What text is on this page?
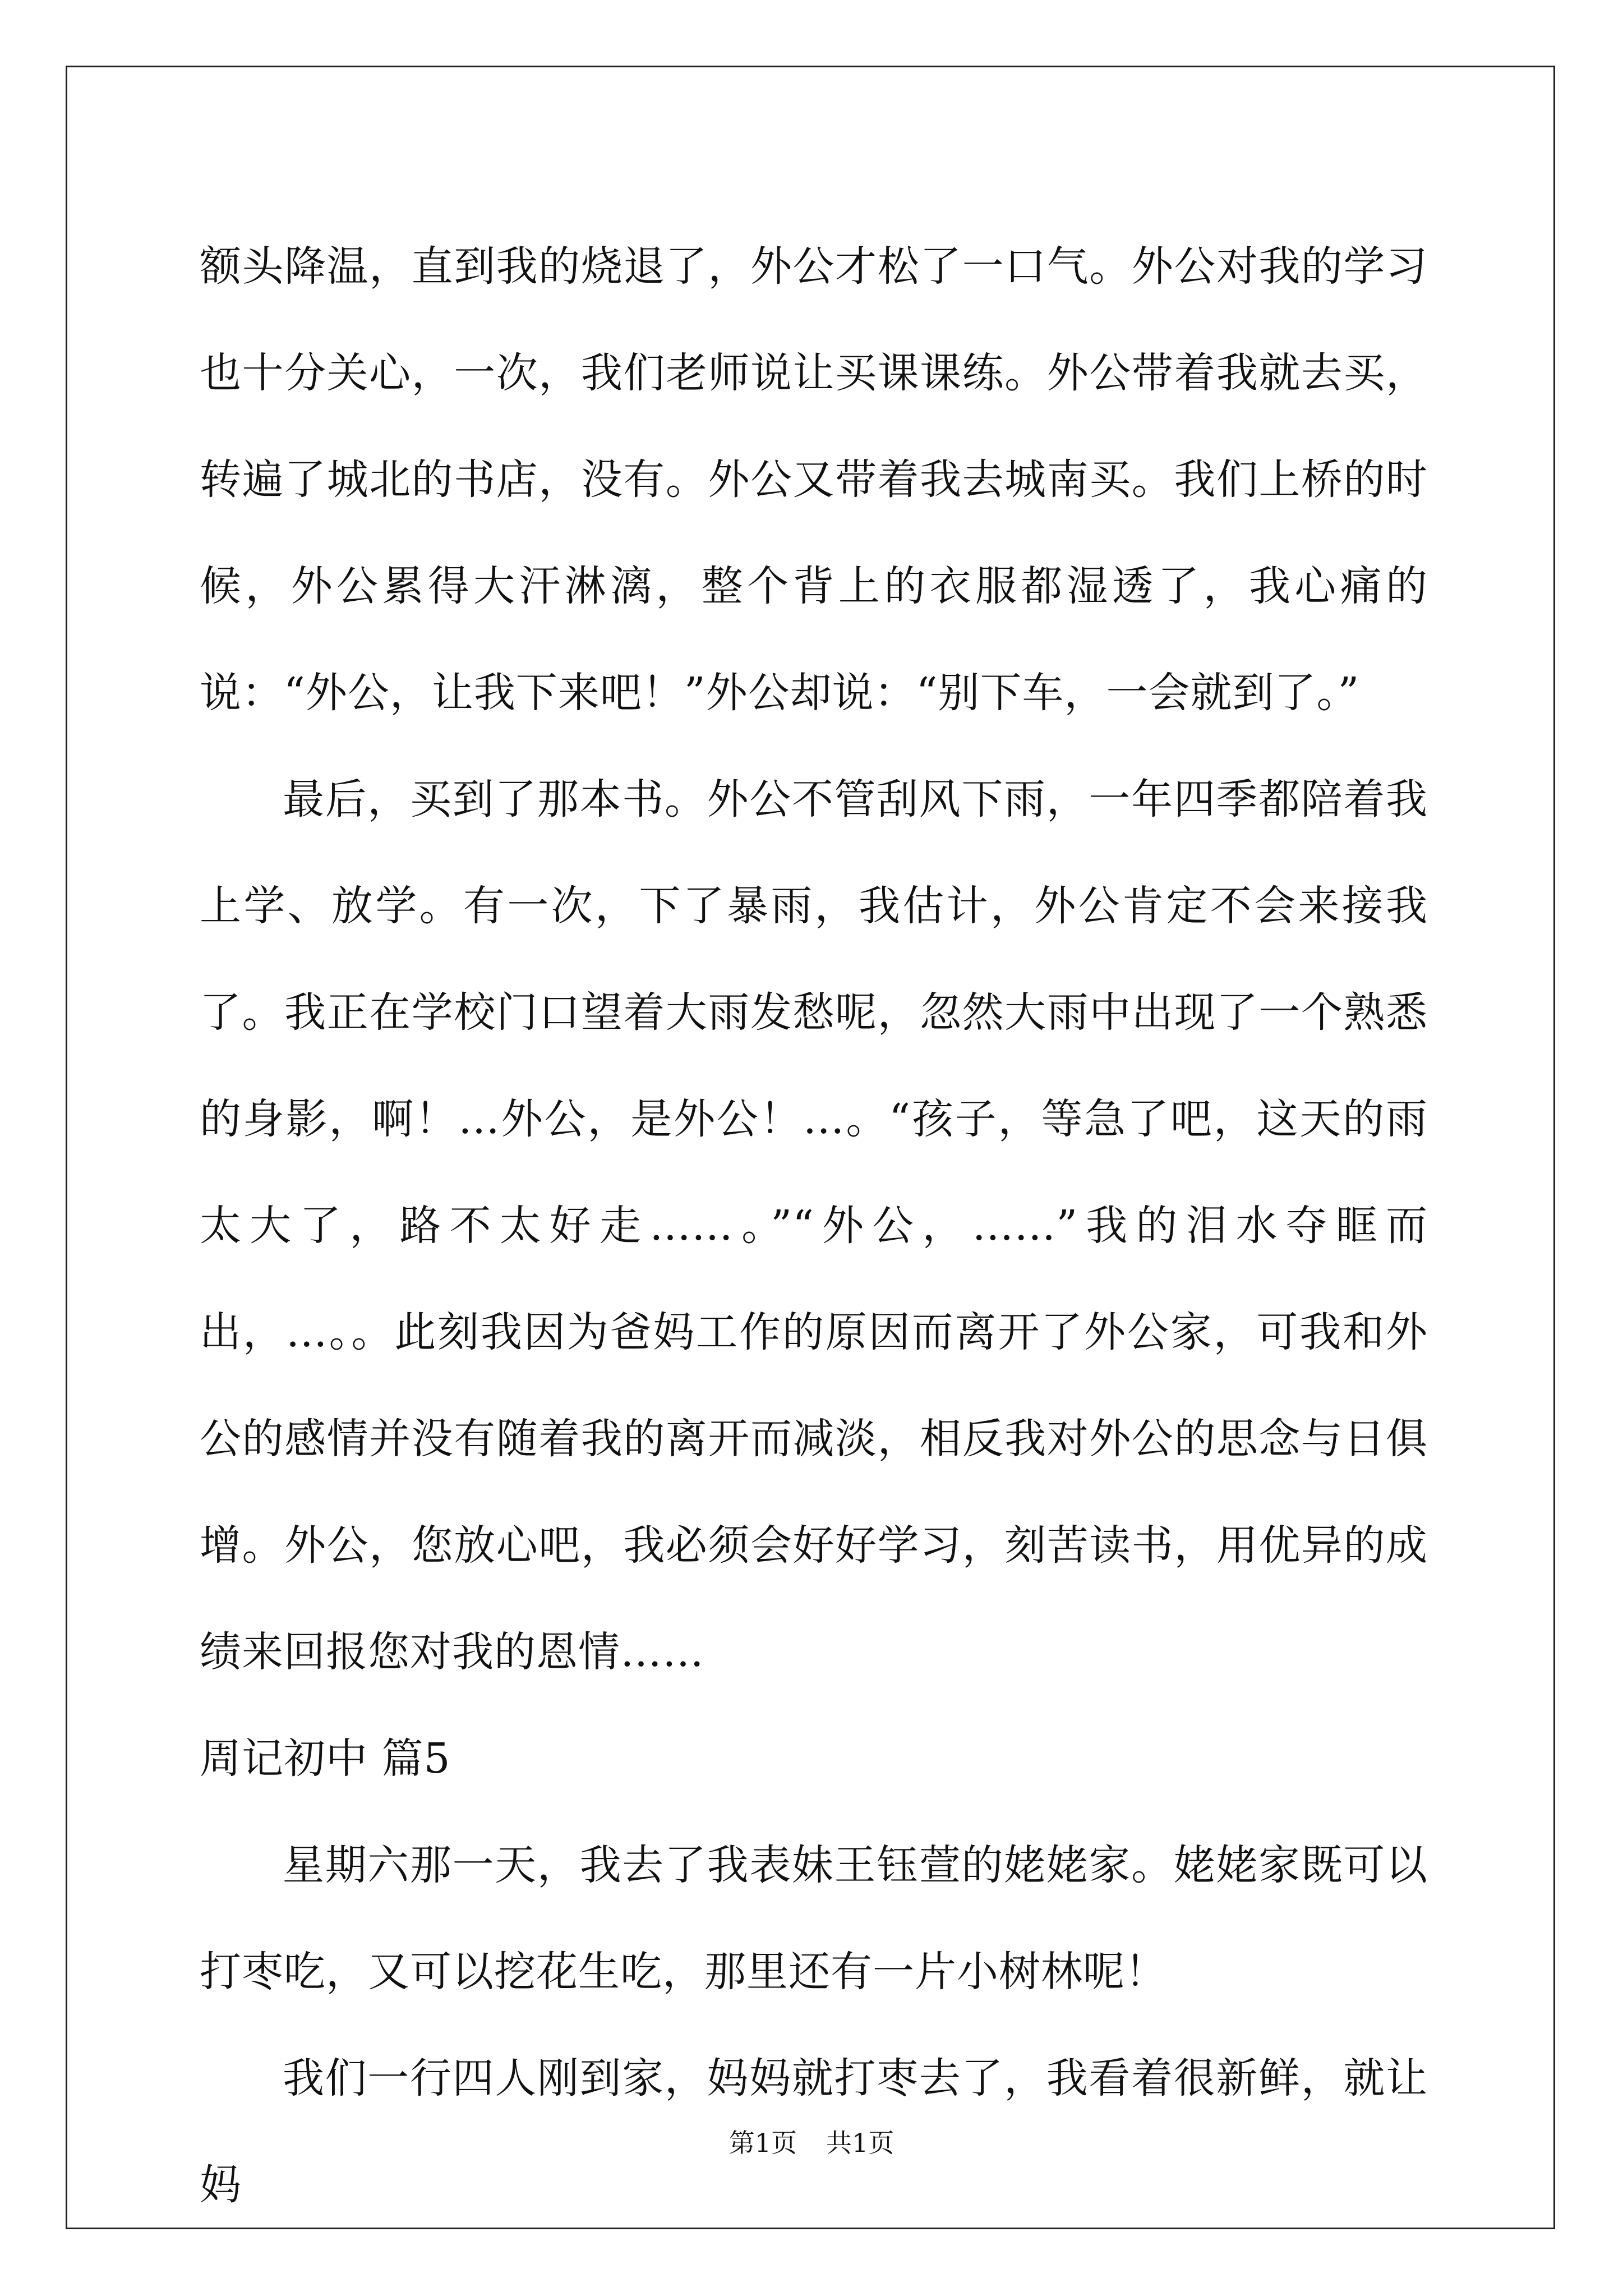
额头降温，直到我的烧退了，外公才松了一口气。外公对我的学习也十分关心，一次，我们老师说让买课课练。外公带着我就去买，转遍了城北的书店，没有。外公又带着我去城南买。我们上桥的时候，外公累得大汗淋漓，整个背上的衣服都湿透了，我心痛的说：“外公，让我下来吧！”外公却说：“别下车，一会就到了。”

最后，买到了那本书。外公不管刮风下雨，一年四季都陪着我上学、放学。有一次，下了暴雨，我估计，外公肯定不会来接我了。我正在学校门口望着大雨发愁呢，忽然大雨中出现了一个熟悉的身影，啊！…外公，是外公！…。“孩子，等急了吧，这天的雨太大了，路不太好走……。”“外公，……”我的泪水夺眶而出，…。。此刻我因为爸妈工作的原因而离开了外公家，可我和外公的感情并没有随着我的离开而减淡，相反我对外公的思念与日俱增。外公，您放心吧，我必须会好好学习，刻苦读书，用优异的成绩来回报您对我的恩情……

周记初中 篇5

星期六那一天，我去了我表妹王钰萱的姥姥家。姥姥家既可以打枣吃，又可以挖花生吃，那里还有一片小树林呢！

我们一行四人刚到家，妈妈就打枣去了，我看着很新鲜，就让妈

第1页 共1页
